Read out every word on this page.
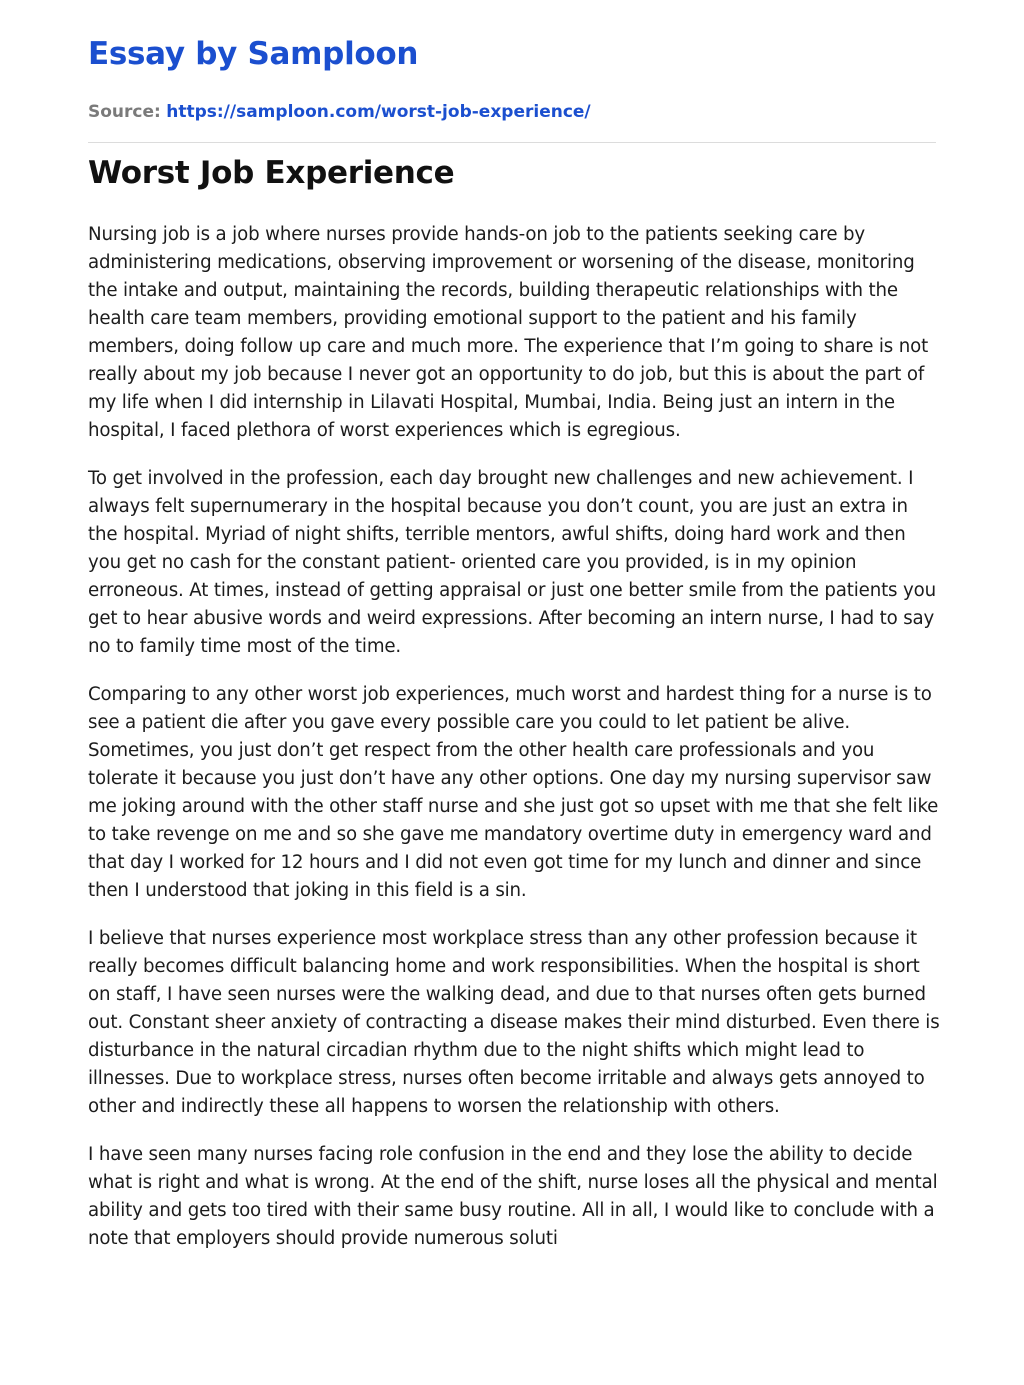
Essay by Samploon
Source: https://samploon.com/worst-job-experience/
Worst Job Experience

Nursing job is a job where nurses provide hands-on job to the patients seeking care by administering medications, observing improvement or worsening of the disease, monitoring the intake and output, maintaining the records, building therapeutic relationships with the health care team members, providing emotional support to the patient and his family members, doing follow up care and much more. The experience that I’m going to share is not really about my job because I never got an opportunity to do job, but this is about the part of my life when I did internship in Lilavati Hospital, Mumbai, India. Being just an intern in the hospital, I faced plethora of worst experiences which is egregious.

To get involved in the profession, each day brought new challenges and new achievement. I always felt supernumerary in the hospital because you don’t count, you are just an extra in the hospital. Myriad of night shifts, terrible mentors, awful shifts, doing hard work and then you get no cash for the constant patient- oriented care you provided, is in my opinion erroneous. At times, instead of getting appraisal or just one better smile from the patients you get to hear abusive words and weird expressions. After becoming an intern nurse, I had to say no to family time most of the time.

Comparing to any other worst job experiences, much worst and hardest thing for a nurse is to see a patient die after you gave every possible care you could to let patient be alive. Sometimes, you just don’t get respect from the other health care professionals and you tolerate it because you just don’t have any other options. One day my nursing supervisor saw me joking around with the other staff nurse and she just got so upset with me that she felt like to take revenge on me and so she gave me mandatory overtime duty in emergency ward and that day I worked for 12 hours and I did not even got time for my lunch and dinner and since then I understood that joking in this field is a sin.

I believe that nurses experience most workplace stress than any other profession because it really becomes difficult balancing home and work responsibilities. When the hospital is short on staff, I have seen nurses were the walking dead, and due to that nurses often gets burned out. Constant sheer anxiety of contracting a disease makes their mind disturbed. Even there is disturbance in the natural circadian rhythm due to the night shifts which might lead to illnesses. Due to workplace stress, nurses often become irritable and always gets annoyed to other and indirectly these all happens to worsen the relationship with others.

I have seen many nurses facing role confusion in the end and they lose the ability to decide what is right and what is wrong. At the end of the shift, nurse loses all the physical and mental ability and gets too tired with their same busy routine. All in all, I would like to conclude with a note that employers should provide numerous soluti
